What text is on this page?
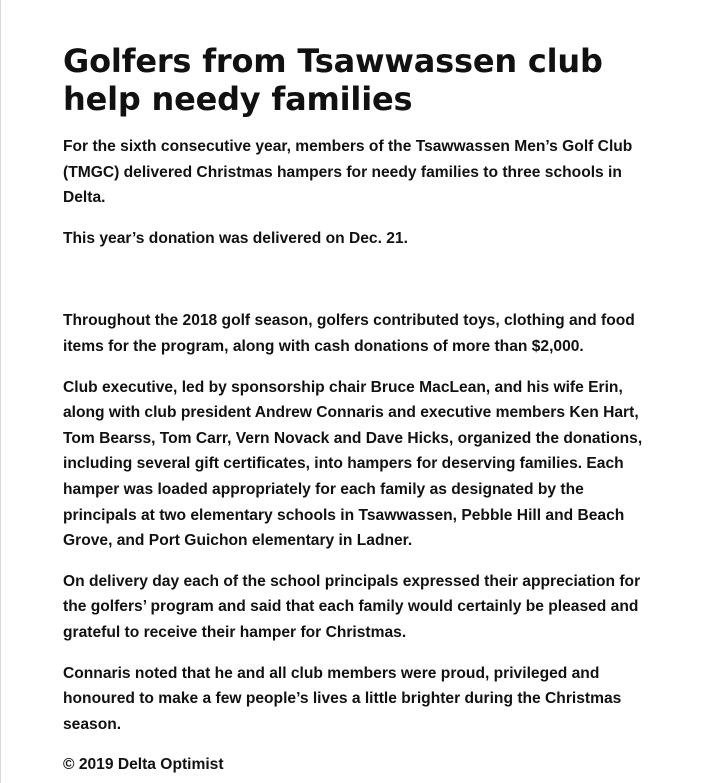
Golfers from Tsawwassen club help needy families

For the sixth consecutive year, members of the Tsawwassen Men’s Golf Club (TMGC) delivered Christmas hampers for needy families to three schools in Delta.

This year’s donation was delivered on Dec. 21.

Throughout the 2018 golf season, golfers contributed toys, clothing and food items for the program, along with cash donations of more than $2,000.

Club executive, led by sponsorship chair Bruce MacLean, and his wife Erin, along with club president Andrew Connaris and executive members Ken Hart, Tom Bearss, Tom Carr, Vern Novack and Dave Hicks, organized the donations, including several gift certificates, into hampers for deserving families. Each hamper was loaded appropriately for each family as designated by the principals at two elementary schools in Tsawwassen, Pebble Hill and Beach Grove, and Port Guichon elementary in Ladner.

On delivery day each of the school principals expressed their appreciation for the golfers’ program and said that each family would certainly be pleased and grateful to receive their hamper for Christmas.

Connaris noted that he and all club members were proud, privileged and honoured to make a few people’s lives a little brighter during the Christmas season.

© 2019 Delta Optimist
